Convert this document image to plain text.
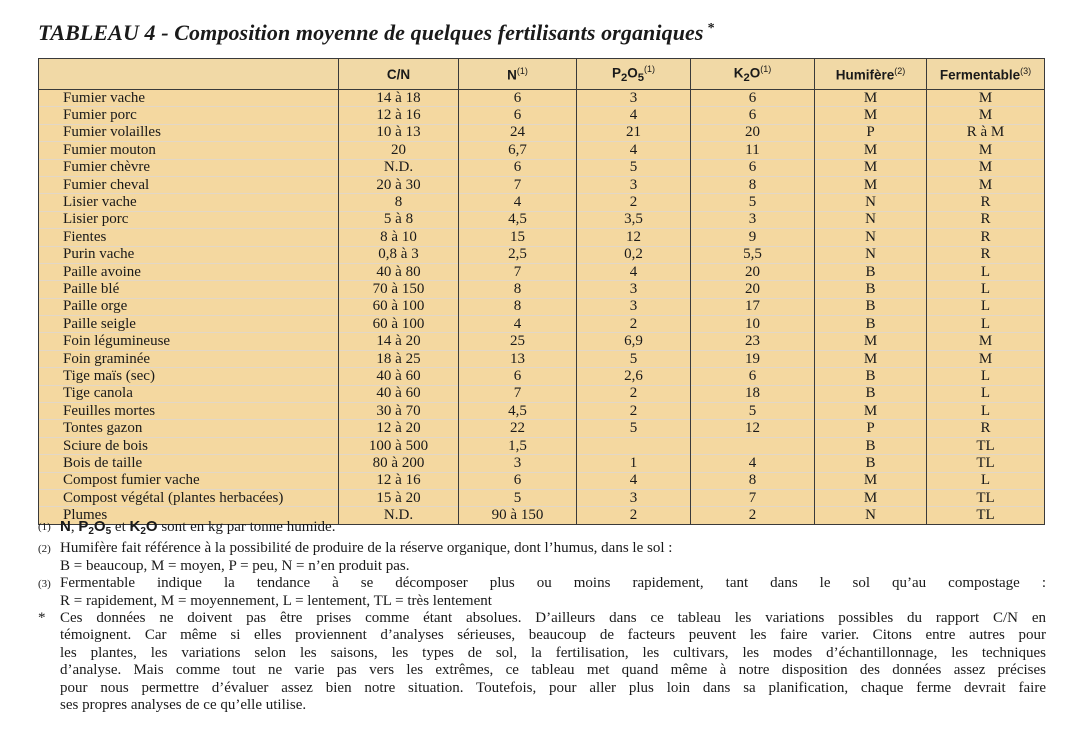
TABLEAU 4 - Composition moyenne de quelques fertilisants organiques *
	C/N	$N^{(1)}$	$P_2O_5^{(1)}$	$K_2O^{(1)}$	Humifère$^{(2)}$	Fermentable$^{(3)}$
Fumier vache	14 à 18	6	3	6	M	M
Fumier porc	12 à 16	6	4	6	M	M
Fumier volailles	10 à 13	24	21	20	P	R à M
Fumier mouton	20	6,7	4	11	M	M
Fumier chèvre	N.D.	6	5	6	M	M
Fumier cheval	20 à 30	7	3	8	M	M
Lisier vache	8	4	2	5	N	R
Lisier porc	5 à 8	4,5	3,5	3	N	R
Fientes	8 à 10	15	12	9	N	R
Purin vache	0,8 à 3	2,5	0,2	5,5	N	R
Paille avoine	40 à 80	7	4	20	B	L
Paille blé	70 à 150	8	3	20	B	L
Paille orge	60 à 100	8	3	17	B	L
Paille seigle	60 à 100	4	2	10	B	L
Foin légumineuse	14 à 20	25	6,9	23	M	M
Foin graminée	18 à 25	13	5	19	M	M
Tige maïs (sec)	40 à 60	6	2,6	6	B	L
Tige canola	40 à 60	7	2	18	B	L
Feuilles mortes	30 à 70	4,5	2	5	M	L
Tontes gazon	12 à 20	22	5	12	P	R
Sciure de bois	100 à 500	1,5			B	TL
Bois de taille	80 à 200	3	1	4	B	TL
Compost fumier vache	12 à 16	6	4	8	M	L
Compost végétal (plantes herbacées)	15 à 20	5	3	7	M	TL
Plumes	N.D.	90 à 150	2	2	N	TL
(1) N, $P_2O_5$ et $K_2O$ sont en kg par tonne humide.
(2) Humifère fait référence à la possibilité de produire de la réserve organique, dont l’humus, dans le sol :
B = beaucoup, M = moyen, P = peu, N = n’en produit pas.
(3) Fermentable indique la tendance à se décomposer plus ou moins rapidement, tant dans le sol qu’au compostage :
R = rapidement, M = moyennement, L = lentement, TL = très lentement
* Ces données ne doivent pas être prises comme étant absolues. D’ailleurs dans ce tableau les variations possibles du rapport C/N en
témoignent. Car même si elles proviennent d’analyses sérieuses, beaucoup de facteurs peuvent les faire varier. Citons entre autres pour
les plantes, les variations selon les saisons, les types de sol, la fertilisation, les cultivars, les modes d’échantillonnage, les techniques
d’analyse. Mais comme tout ne varie pas vers les extrêmes, ce tableau met quand même à notre disposition des données assez précises
pour nous permettre d’évaluer assez bien notre situation. Toutefois, pour aller plus loin dans sa planification, chaque ferme devrait faire
ses propres analyses de ce qu’elle utilise.
